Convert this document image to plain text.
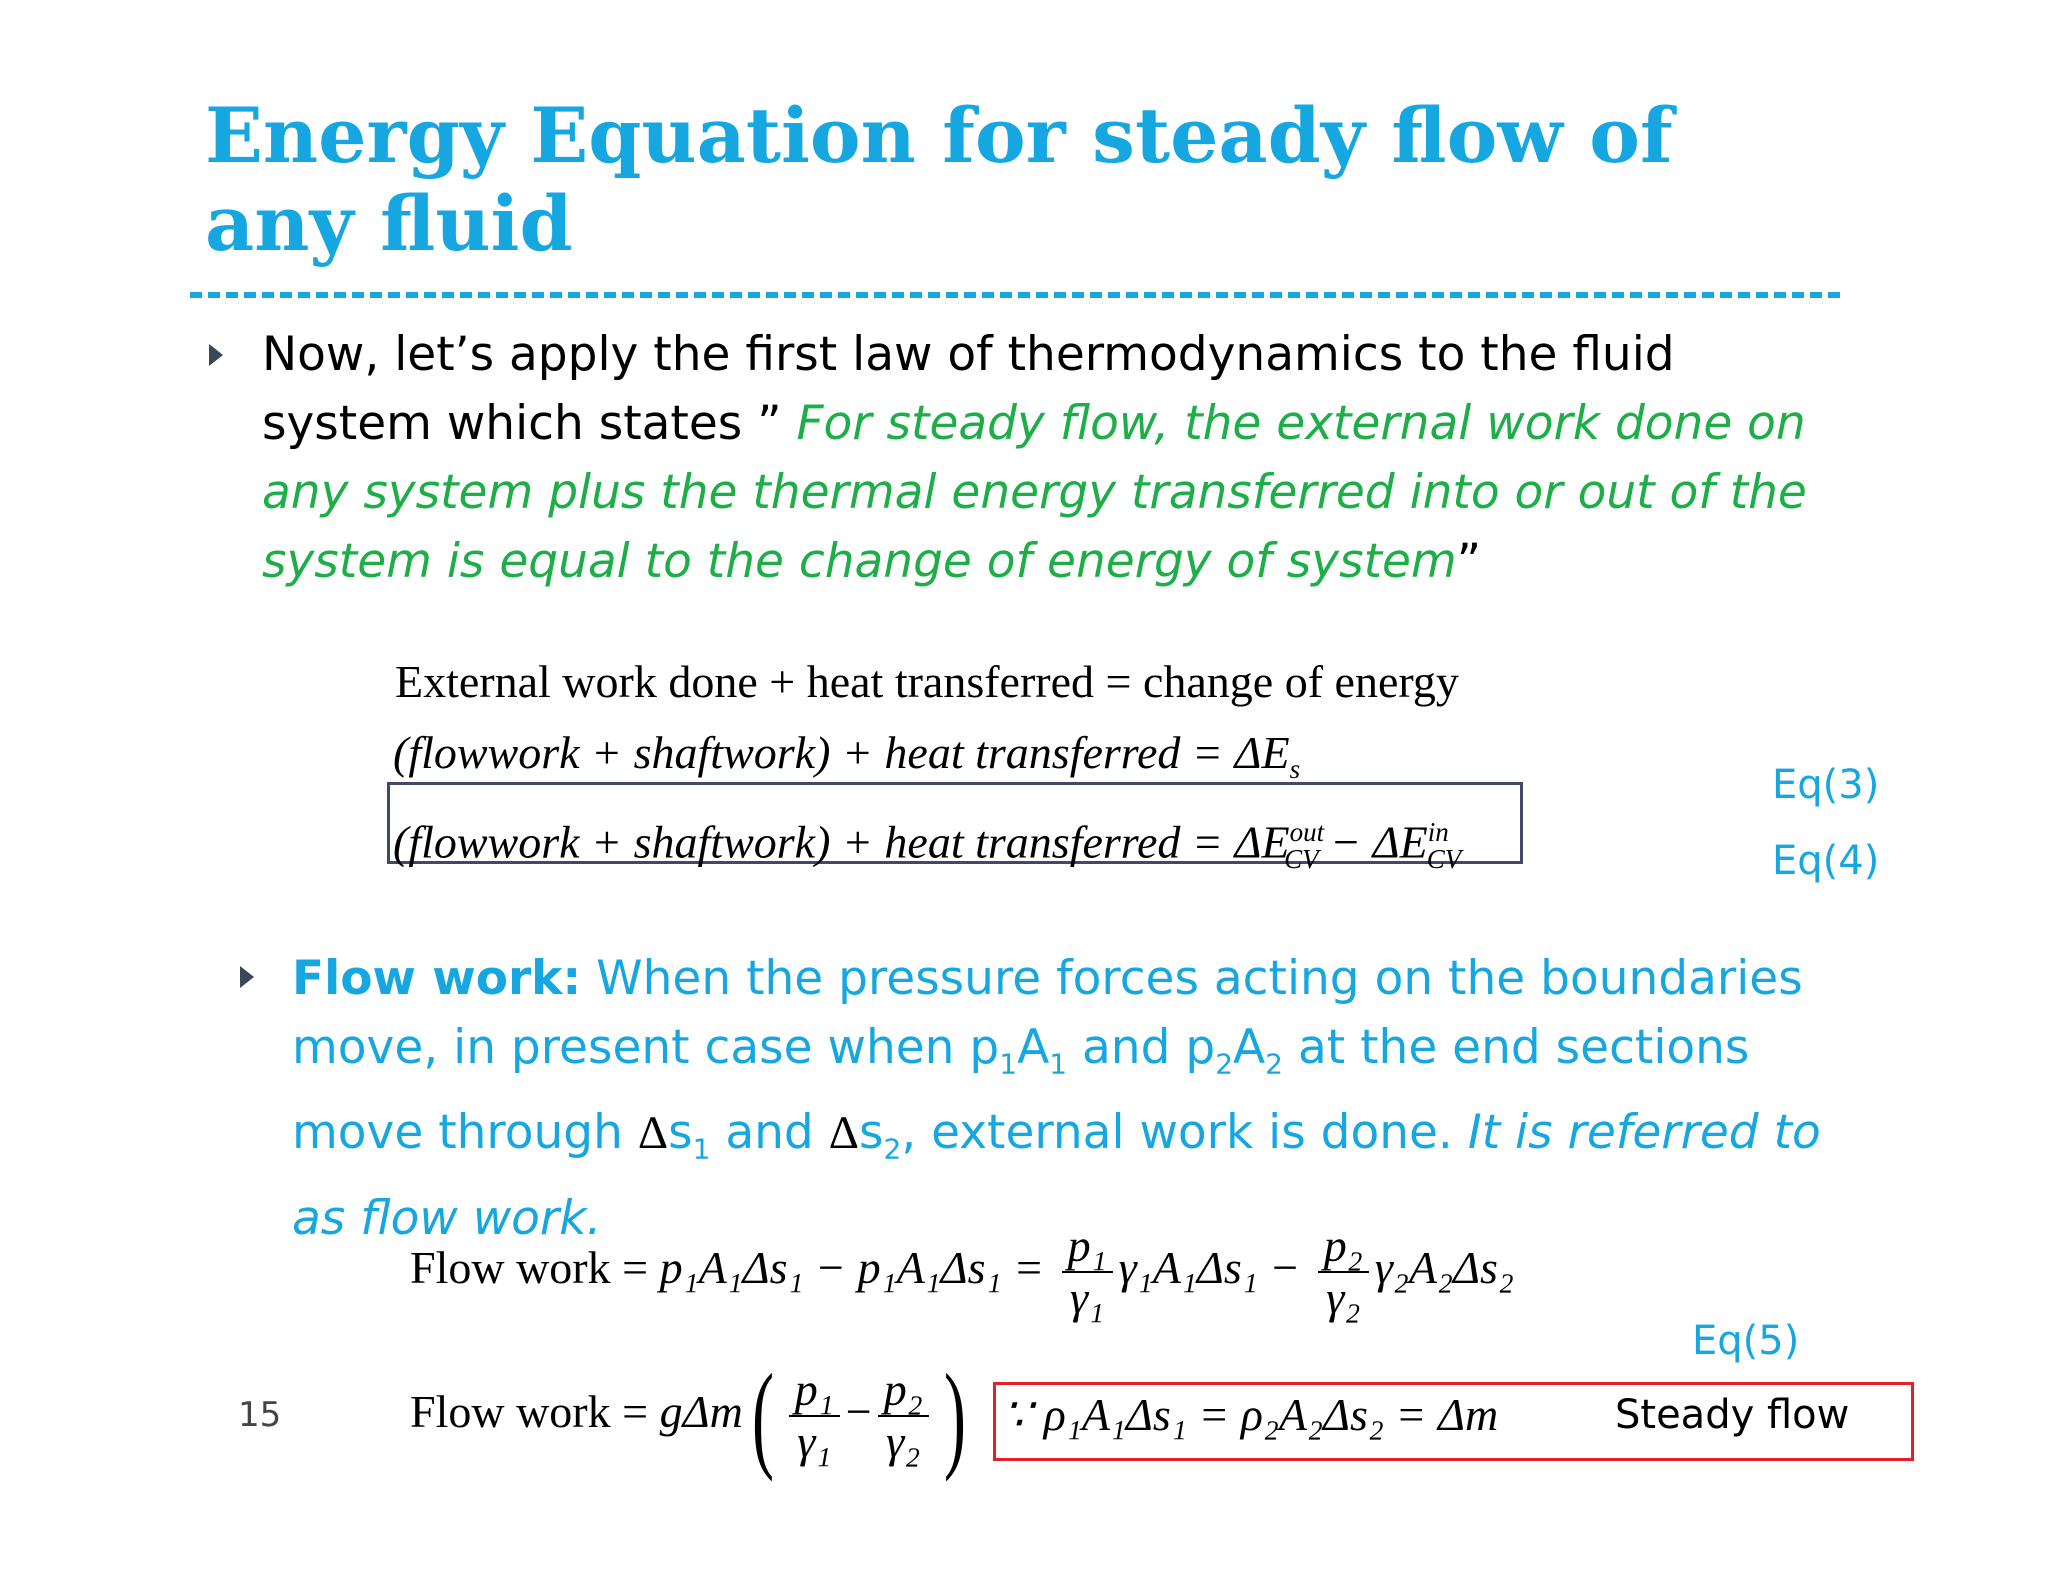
Energy Equation for steady flow of any fluid
Now, let’s apply the first law of thermodynamics to the fluid system which states ” For steady flow, the external work done on any system plus the thermal energy transferred into or out of the system is equal to the change of energy of system”
External work done + heat transferred = change of energy
(flowwork + shaftwork) + heat transferred = $\Delta E_s$
(flowwork + shaftwork) + heat transferred = $\Delta E^{out}_{CV} - \Delta E^{in}_{CV}$
Eq(3)
Eq(4)
Flow work: When the pressure forces acting on the boundaries move, in present case when $p_1A_1$ and $p_2A_2$ at the end sections move through $\Delta s_1$ and $\Delta s_2$, external work is done. It is referred to as flow work.
Flow work = $p_1A_1\Delta s_1 - p_1A_1\Delta s_1 = \frac{\text{p₁}}{\text{γ₁}} \gamma_1A_1\Delta s_1 - \frac{\text{p₂}}{\text{γ₂}} \gamma_2A_2\Delta s_2$
Eq(5)
Flow work = $g\Delta m( \frac{\text{p₁}}{\text{γ₁}} - \frac{\text{p₂}}{\text{γ₂}}$ ) ∵ ρ₁A₁Δs₁ = ρ₂A₂Δs₂ = Δm	Steady flow
15
